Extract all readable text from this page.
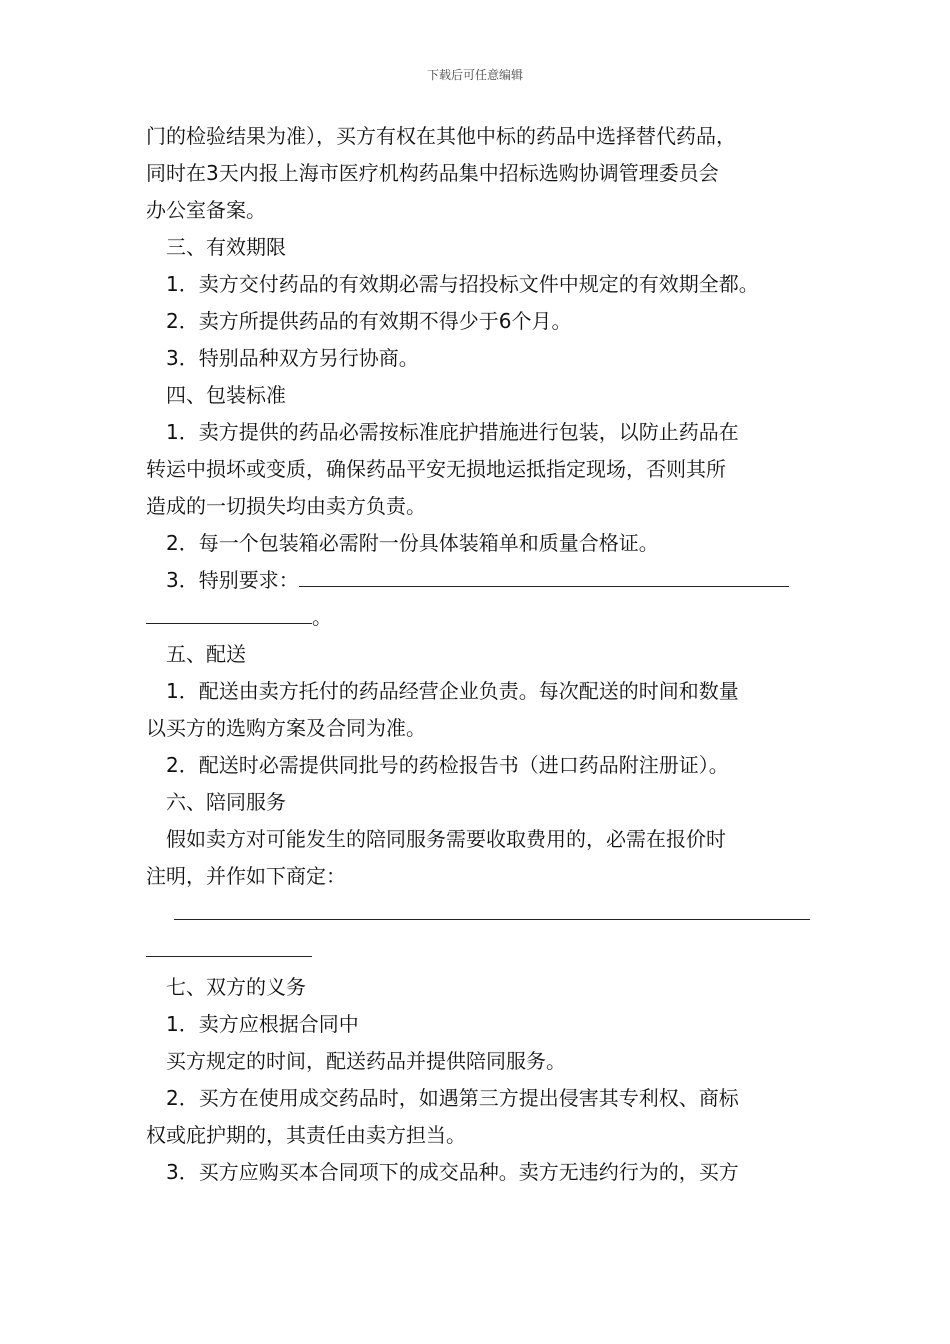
下载后可任意编辑

门的检验结果为准），买方有权在其他中标的药品中选择替代药品，

同时在3天内报上海市医疗机构药品集中招标选购协调管理委员会

办公室备案。

三、有效期限

1．卖方交付药品的有效期必需与招投标文件中规定的有效期全都。

2．卖方所提供药品的有效期不得少于6个月。

3．特别品种双方另行协商。

四、包装标准

1．卖方提供的药品必需按标准庇护措施进行包装，以防止药品在

转运中损坏或变质，确保药品平安无损地运抵指定现场，否则其所

造成的一切损失均由卖方负责。

2．每一个包装箱必需附一份具体装箱单和质量合格证。

3．特别要求：

。

五、配送

1．配送由卖方托付的药品经营企业负责。每次配送的时间和数量

以买方的选购方案及合同为准。

2．配送时必需提供同批号的药检报告书（进口药品附注册证）。

六、陪同服务

假如卖方对可能发生的陪同服务需要收取费用的，必需在报价时

注明，并作如下商定：

七、双方的义务

1．卖方应根据合同中

买方规定的时间，配送药品并提供陪同服务。

2．买方在使用成交药品时，如遇第三方提出侵害其专利权、商标

权或庇护期的，其责任由卖方担当。

3．买方应购买本合同项下的成交品种。卖方无违约行为的，买方
